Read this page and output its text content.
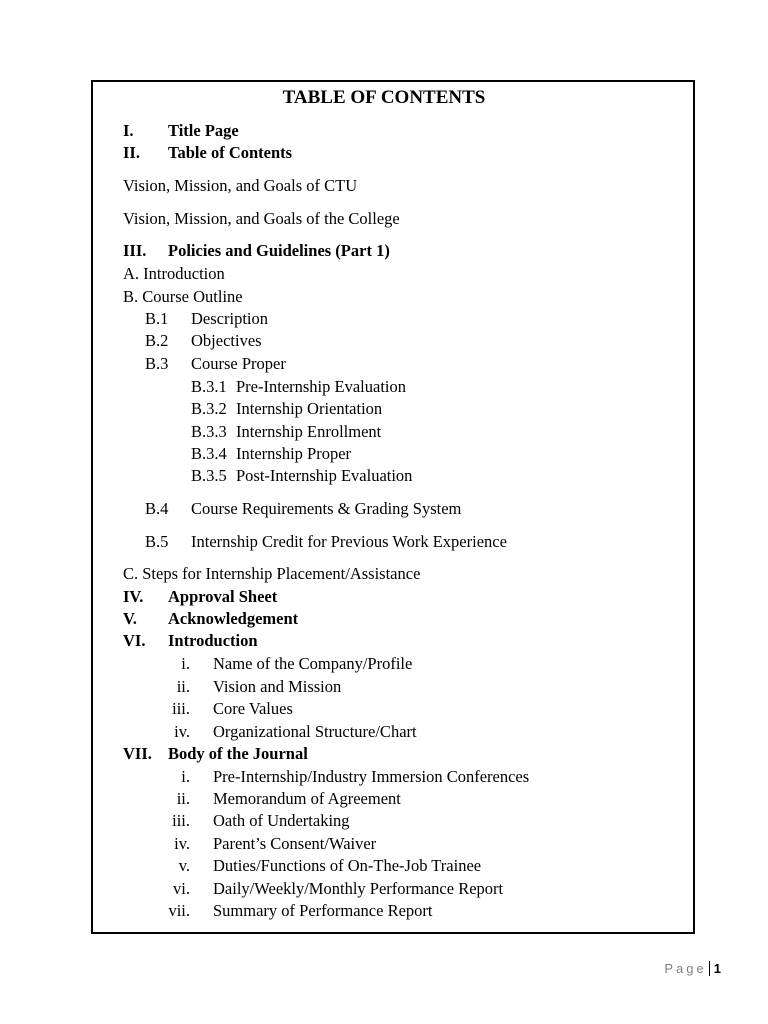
TABLE OF CONTENTS
I. Title Page
II. Table of Contents
Vision, Mission, and Goals of CTU
Vision, Mission, and Goals of the College
III. Policies and Guidelines (Part 1)
A. Introduction
B. Course Outline
B.1 Description
B.2 Objectives
B.3 Course Proper
B.3.1 Pre-Internship Evaluation
B.3.2 Internship Orientation
B.3.3 Internship Enrollment
B.3.4 Internship Proper
B.3.5 Post-Internship Evaluation
B.4 Course Requirements & Grading System
B.5 Internship Credit for Previous Work Experience
C. Steps for Internship Placement/Assistance
IV. Approval Sheet
V. Acknowledgement
VI. Introduction
i. Name of the Company/Profile
ii. Vision and Mission
iii. Core Values
iv. Organizational Structure/Chart
VII. Body of the Journal
i. Pre-Internship/Industry Immersion Conferences
ii. Memorandum of Agreement
iii. Oath of Undertaking
iv. Parent’s Consent/Waiver
v. Duties/Functions of On-The-Job Trainee
vi. Daily/Weekly/Monthly Performance Report
vii. Summary of Performance Report
Page 1
